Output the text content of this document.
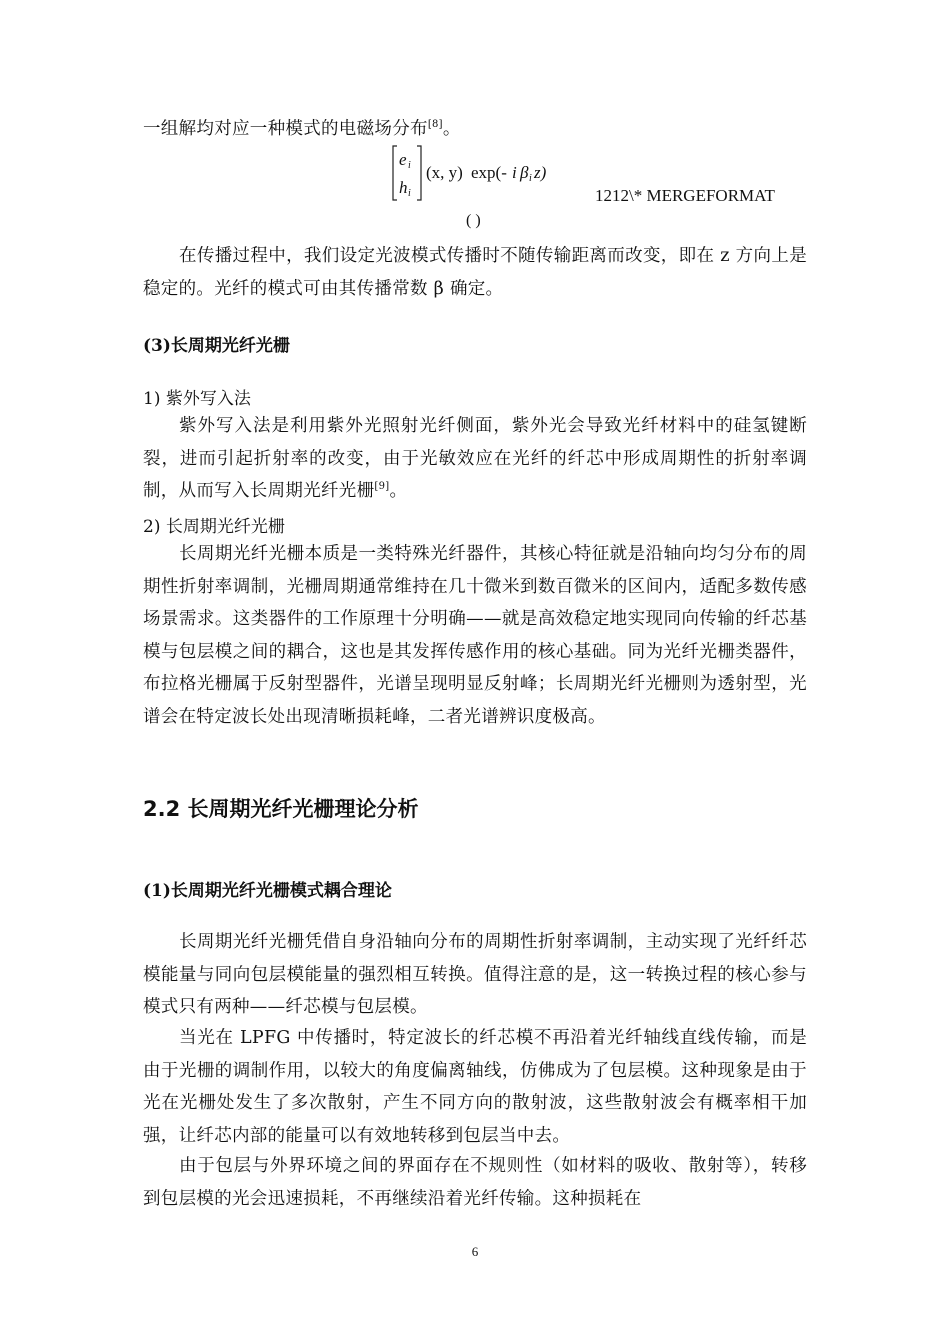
一组解均对应一种模式的电磁场分布[8]。

e i
h i
(x, y) exp(- i β i z)
1212\* MERGEFORMAT
( )

在传播过程中，我们设定光波模式传播时不随传输距离而改变，即在 z 方向上是稳定的。光纤的模式可由其传播常数 β 确定。

(3)长周期光纤光栅

1) 紫外写入法

紫外写入法是利用紫外光照射光纤侧面，紫外光会导致光纤材料中的硅氢键断裂，进而引起折射率的改变，由于光敏效应在光纤的纤芯中形成周期性的折射率调制，从而写入长周期光纤光栅[9]。

2) 长周期光纤光栅

长周期光纤光栅本质是一类特殊光纤器件，其核心特征就是沿轴向均匀分布的周期性折射率调制，光栅周期通常维持在几十微米到数百微米的区间内，适配多数传感场景需求。这类器件的工作原理十分明确——就是高效稳定地实现同向传输的纤芯基模与包层模之间的耦合，这也是其发挥传感作用的核心基础。同为光纤光栅类器件，布拉格光栅属于反射型器件，光谱呈现明显反射峰；长周期光纤光栅则为透射型，光谱会在特定波长处出现清晰损耗峰，二者光谱辨识度极高。

2.2 长周期光纤光栅理论分析

(1)长周期光纤光栅模式耦合理论

长周期光纤光栅凭借自身沿轴向分布的周期性折射率调制，主动实现了光纤纤芯模能量与同向包层模能量的强烈相互转换。值得注意的是，这一转换过程的核心参与模式只有两种——纤芯模与包层模。

当光在 LPFG 中传播时，特定波长的纤芯模不再沿着光纤轴线直线传输，而是由于光栅的调制作用，以较大的角度偏离轴线，仿佛成为了包层模。这种现象是由于光在光栅处发生了多次散射，产生不同方向的散射波，这些散射波会有概率相干加强，让纤芯内部的能量可以有效地转移到包层当中去。

由于包层与外界环境之间的界面存在不规则性（如材料的吸收、散射等），转移到包层模的光会迅速损耗，不再继续沿着光纤传输。这种损耗在

6
